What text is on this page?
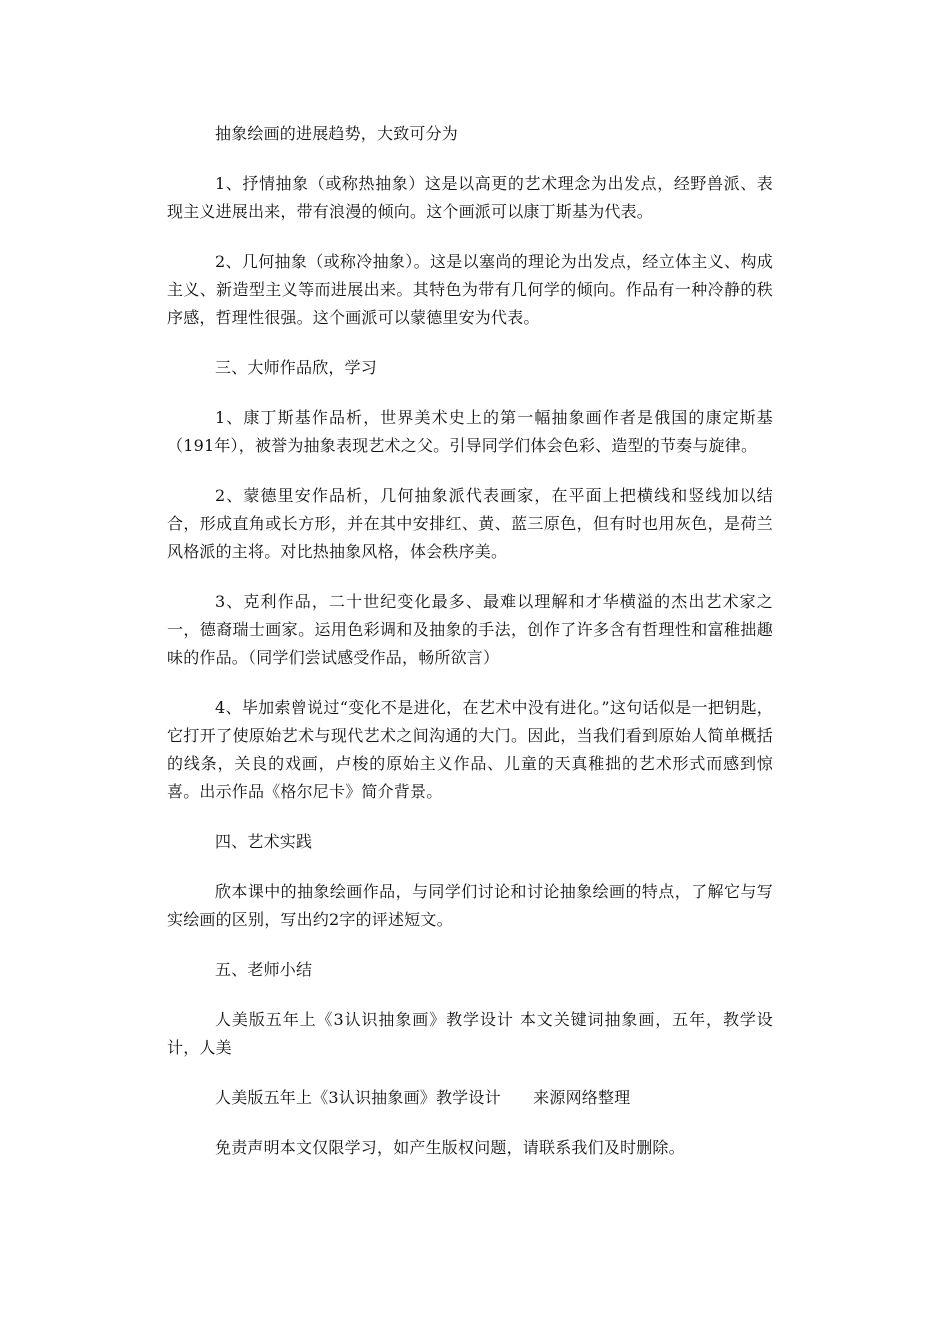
抽象绘画的进展趋势，大致可分为

1、抒情抽象（或称热抽象）这是以高更的艺术理念为出发点，经野兽派、表现主义进展出来，带有浪漫的倾向。这个画派可以康丁斯基为代表。

2、几何抽象（或称冷抽象）。这是以塞尚的理论为出发点，经立体主义、构成主义、新造型主义等而进展出来。其特色为带有几何学的倾向。作品有一种冷静的秩序感，哲理性很强。这个画派可以蒙德里安为代表。

三、大师作品欣，学习

1、康丁斯基作品析，世界美术史上的第一幅抽象画作者是俄国的康定斯基（191年），被誉为抽象表现艺术之父。引导同学们体会色彩、造型的节奏与旋律。

2、蒙德里安作品析，几何抽象派代表画家，在平面上把横线和竖线加以结合，形成直角或长方形，并在其中安排红、黄、蓝三原色，但有时也用灰色，是荷兰风格派的主将。对比热抽象风格，体会秩序美。

3、克利作品，二十世纪变化最多、最难以理解和才华横溢的杰出艺术家之一，德裔瑞士画家。运用色彩调和及抽象的手法，创作了许多含有哲理性和富稚拙趣味的作品。（同学们尝试感受作品，畅所欲言）

4、毕加索曾说过“变化不是进化，在艺术中没有进化。”这句话似是一把钥匙，它打开了使原始艺术与现代艺术之间沟通的大门。因此，当我们看到原始人简单概括的线条，关良的戏画，卢梭的原始主义作品、儿童的天真稚拙的艺术形式而感到惊喜。出示作品《格尔尼卡》简介背景。

四、艺术实践

欣本课中的抽象绘画作品，与同学们讨论和讨论抽象绘画的特点，了解它与写实绘画的区别，写出约2字的评述短文。

五、老师小结

人美版五年上《3认识抽象画》教学设计 本文关键词抽象画，五年，教学设计，人美

人美版五年上《3认识抽象画》教学设计　　来源网络整理

免责声明本文仅限学习，如产生版权问题，请联系我们及时删除。
